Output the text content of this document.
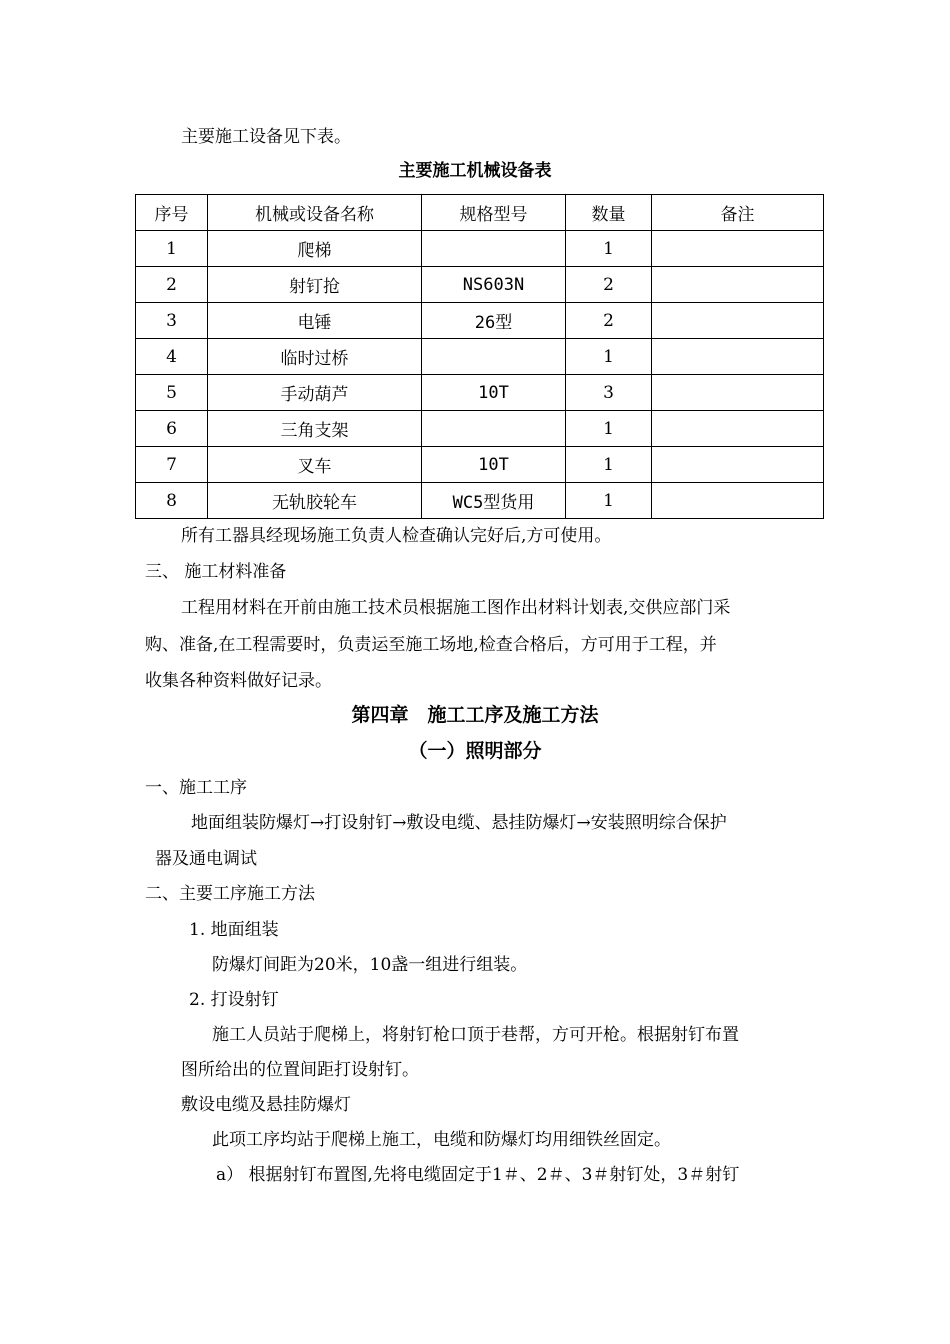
主要施工设备见下表。
主要施工机械设备表
序号	机械或设备名称	规格型号	数量	备注
1	爬梯		1	
2	射钉抢	NS603N	2	
3	电锤	26型	2	
4	临时过桥		1	
5	手动葫芦	10T	3	
6	三角支架		1	
7	叉车	10T	1	
8	无轨胶轮车	WC5型货用	1	
所有工器具经现场施工负责人检查确认完好后,方可使用。
三、 施工材料准备
工程用材料在开前由施工技术员根据施工图作出材料计划表,交供应部门采
购、准备,在工程需要时，负责运至施工场地,检查合格后，方可用于工程，并
收集各种资料做好记录。
第四章　施工工序及施工方法
（一）照明部分
一、施工工序
地面组装防爆灯→打设射钉→敷设电缆、悬挂防爆灯→安装照明综合保护
器及通电调试
二、主要工序施工方法
1. 地面组装
防爆灯间距为20米，10盏一组进行组装。
2. 打设射钉
施工人员站于爬梯上，将射钉枪口顶于巷帮，方可开枪。根据射钉布置
图所给出的位置间距打设射钉。
敷设电缆及悬挂防爆灯
此项工序均站于爬梯上施工，电缆和防爆灯均用细铁丝固定。
a） 根据射钉布置图,先将电缆固定于1＃、2＃、3＃射钉处，3＃射钉
